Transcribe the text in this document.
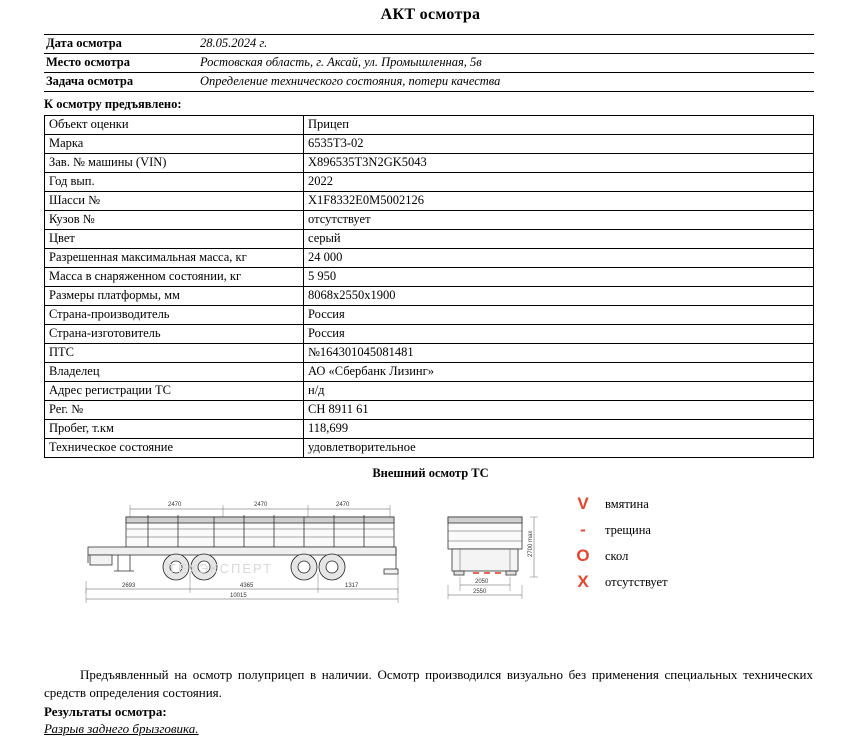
АКТ осмотра
Дата осмотра	28.05.2024 г.
Место осмотра	Ростовская область, г. Аксай, ул. Промышленная, 5в
Задача осмотра	Определение технического состояния, потери качества
К осмотру предъявлено:
Объект оценки	Прицеп
Марка	6535Т3-02
Зав. № машины (VIN)	X896535T3N2GK5043
Год вып.	2022
Шасси №	X1F8332E0M5002126
Кузов №	отсутствует
Цвет	серый
Разрешенная максимальная масса, кг	24 000
Масса в снаряженном состоянии, кг	5 950
Размеры платформы, мм	8068x2550x1900
Страна-производитель	Россия
Страна-изготовитель	Россия
ПТС	№164301045081481
Владелец	АО «Сбербанк Лизинг»
Адрес регистрации ТС	н/д
Рег. №	СН 8911 61
Пробег, т.км	118,699
Техническое состояние	удовлетворительное
Внешний осмотр ТС
2470	2470	2470
2693	4365	1317
10015
2700 max
2050
2550
ТЕХЭКСПЕРТ
V	вмятина
-	трещина
O	скол
X	отсутствует
Предъявленный на осмотр полуприцеп в наличии. Осмотр производился визуально без применения специальных технических средств определения состояния.
Результаты осмотра:
Разрыв заднего брызговика.
